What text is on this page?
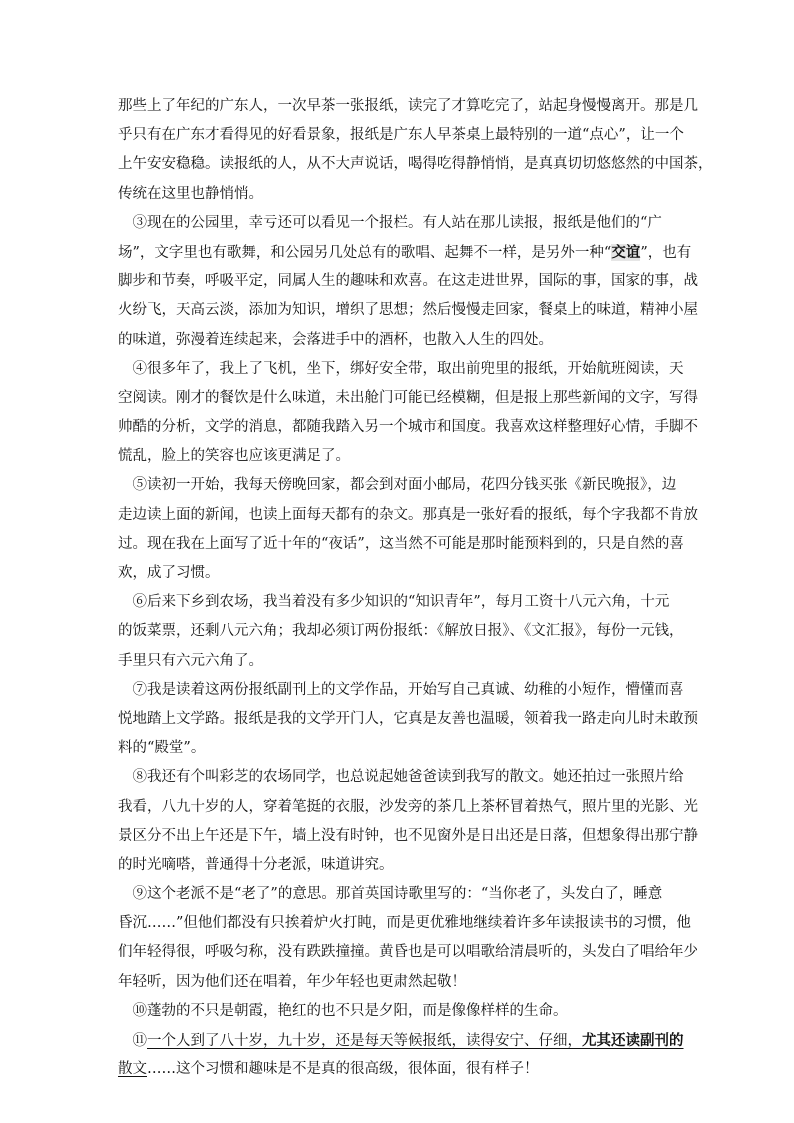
那些上了年纪的广东人，一次早茶一张报纸，读完了才算吃完了，站起身慢慢离开。那是几
乎只有在广东才看得见的好看景象，报纸是广东人早茶桌上最特别的一道“点心”，让一个
上午安安稳稳。读报纸的人，从不大声说话，喝得吃得静悄悄，是真真切切悠悠然的中国茶，
传统在这里也静悄悄。
　③现在的公园里，幸亏还可以看见一个报栏。有人站在那儿读报，报纸是他们的“广
场”，文字里也有歌舞，和公园另几处总有的歌唱、起舞不一样，是另外一种“交谊”，也有
脚步和节奏，呼吸平定，同属人生的趣味和欢喜。在这走进世界，国际的事，国家的事，战
火纷飞，天高云淡，添加为知识，增织了思想；然后慢慢走回家，餐桌上的味道，精神小屋
的味道，弥漫着连续起来，会落进手中的酒杯，也散入人生的四处。
　④很多年了，我上了飞机，坐下，绑好安全带，取出前兜里的报纸，开始航班阅读，天
空阅读。刚才的餐饮是什么味道，未出舱门可能已经模糊，但是报上那些新闻的文字，写得
帅酷的分析，文学的消息，都随我踏入另一个城市和国度。我喜欢这样整理好心情，手脚不
慌乱，脸上的笑容也应该更满足了。
　⑤读初一开始，我每天傍晚回家，都会到对面小邮局，花四分钱买张《新民晚报》，边
走边读上面的新闻，也读上面每天都有的杂文。那真是一张好看的报纸，每个字我都不肯放
过。现在我在上面写了近十年的“夜话”，这当然不可能是那时能预料到的，只是自然的喜
欢，成了习惯。
　⑥后来下乡到农场，我当着没有多少知识的“知识青年”，每月工资十八元六角，十元
的饭菜票，还剩八元六角；我却必须订两份报纸：《解放日报》、《文汇报》，每份一元钱，
手里只有六元六角了。
　⑦我是读着这两份报纸副刊上的文学作品，开始写自己真诚、幼稚的小短作，懵懂而喜
悦地踏上文学路。报纸是我的文学开门人，它真是友善也温暖，领着我一路走向儿时未敢预
料的“殿堂”。
　⑧我还有个叫彩芝的农场同学，也总说起她爸爸读到我写的散文。她还拍过一张照片给
我看，八九十岁的人，穿着笔挺的衣服，沙发旁的茶几上茶杯冒着热气，照片里的光影、光
景区分不出上午还是下午，墙上没有时钟，也不见窗外是日出还是日落，但想象得出那宁静
的时光嘀嗒，普通得十分老派，味道讲究。
　⑨这个老派不是“老了”的意思。那首英国诗歌里写的：“当你老了，头发白了，睡意
昏沉……”但他们都没有只挨着炉火打盹，而是更优雅地继续着许多年读报读书的习惯，他
们年轻得很，呼吸匀称，没有跌跌撞撞。黄昏也是可以唱歌给清晨听的，头发白了唱给年少
年轻听，因为他们还在唱着，年少年轻也更肃然起敬！
　⑩蓬勃的不只是朝霞，艳红的也不只是夕阳，而是像像样样的生命。
　⑪一个人到了八十岁，九十岁，还是每天等候报纸，读得安宁、仔细，尤其还读副刊的
散文……这个习惯和趣味是不是真的很高级，很体面，很有样子！
